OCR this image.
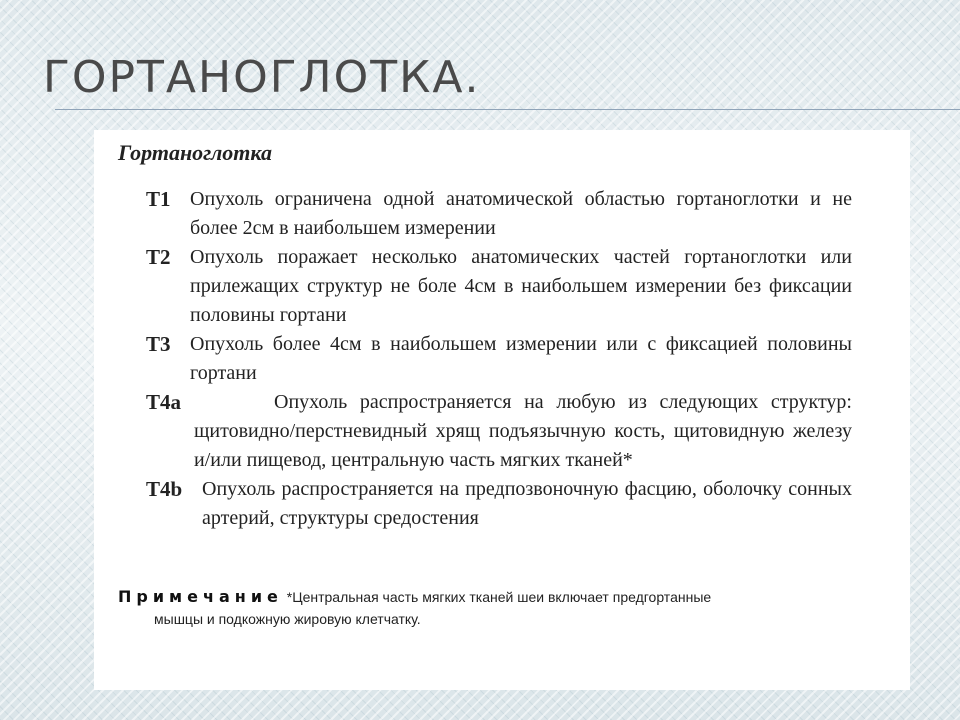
ГОРТАНОГЛОТКА.
Гортаноглотка
T1 Опухоль ограничена одной анатомической областью гортаноглотки и не более 2см в наибольшем измерении
T2 Опухоль поражает несколько анатомических частей гортаноглотки или прилежащих структур не боле 4см в наибольшем измерении без фиксации половины гортани
T3 Опухоль более 4см в наибольшем измерении или с фиксацией половины гортани
T4a	Опухоль распространяется на любую из следующих структур: щитовидно/перстневидный хрящ подъязычную кость, щитовидную железу и/или пищевод, центральную часть мягких тканей*
T4b Опухоль распространяется на предпозвоночную фасцию, оболочку сонных артерий, структуры средостения
Примечание *Центральная часть мягких тканей шеи включает предгортанные
мышцы и подкожную жировую клетчатку.
